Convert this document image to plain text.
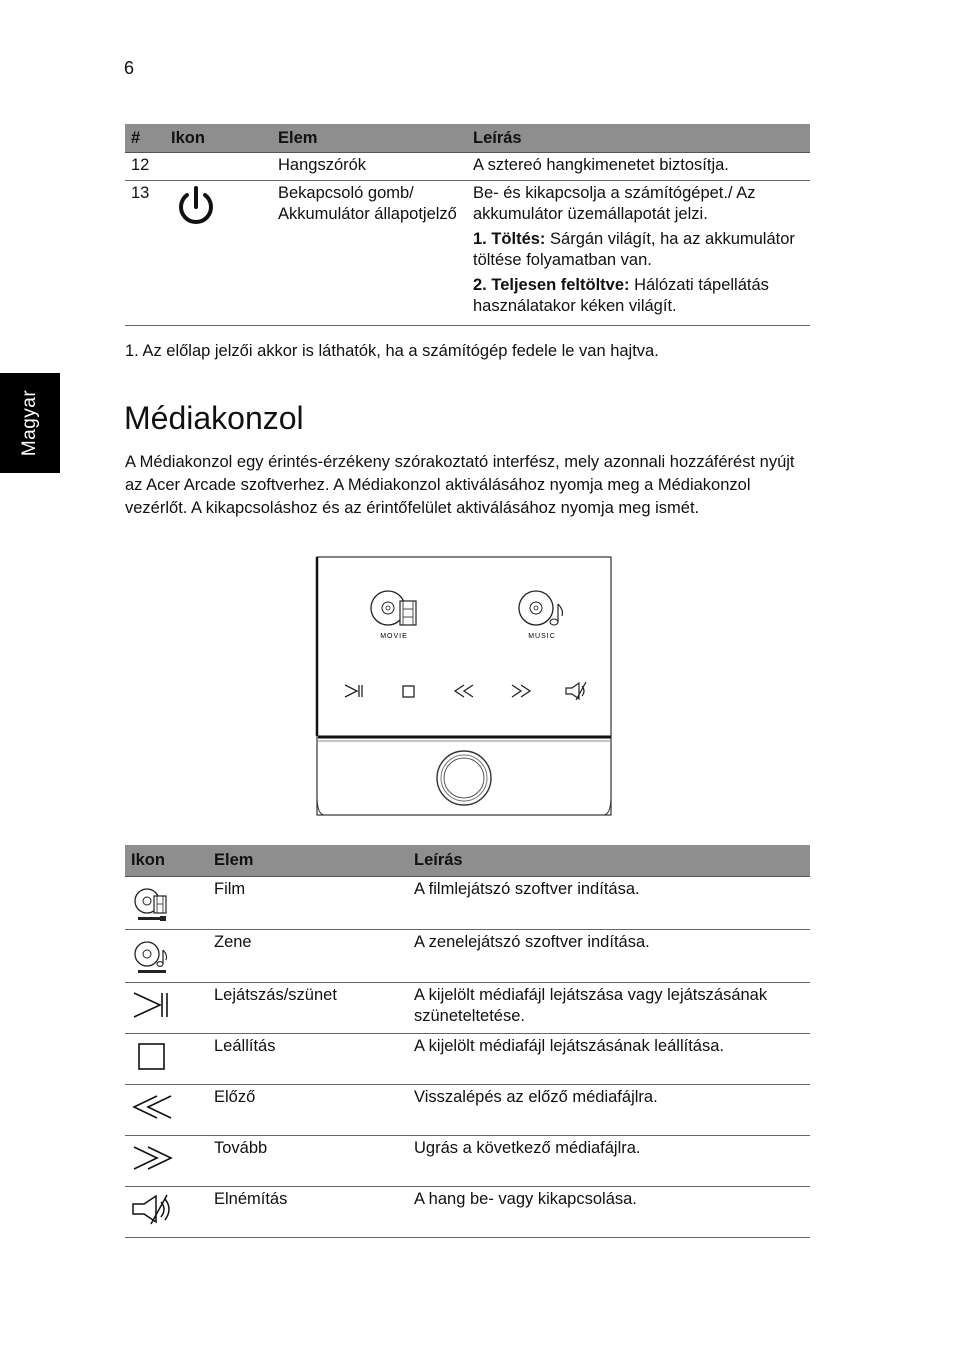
6
Magyar
#	Ikon	Elem	Leírás
12		Hangszórók	A sztereó hangkimenetet biztosítja.
13		Bekapcsoló gomb/ Akkumulátor állapotjelző	Be- és kikapcsolja a számítógépet./ Az akkumulátor üzemállapotát jelzi.

1. Töltés: Sárgán világít, ha az akkumulátor töltése folyamatban van.

2. Teljesen feltöltve: Hálózati tápellátás használatakor kéken világít.

1. Az előlap jelzői akkor is láthatók, ha a számítógép fedele le van hajtva.
Médiakonzol

A Médiakonzol egy érintés-érzékeny szórakoztató interfész, mely azonnali hozzáférést nyújt az Acer Arcade szoftverhez. A Médiakonzol aktiválásához nyomja meg a Médiakonzol vezérlőt. A kikapcsoláshoz és az érintőfelület aktiválásához nyomja meg ismét.

MOVIE	MUSIC
Ikon	Elem	Leírás

	Film	A filmlejátszó szoftver indítása.

	Zene	A zenelejátszó szoftver indítása.

	Lejátszás/szünet	A kijelölt médiafájl lejátszása vagy lejátszásának szüneteltetése.

	Leállítás	A kijelölt médiafájl lejátszásának leállítása.

	Előző	Visszalépés az előző médiafájlra.

	Tovább	Ugrás a következő médiafájlra.

	Elnémítás	A hang be- vagy kikapcsolása.
